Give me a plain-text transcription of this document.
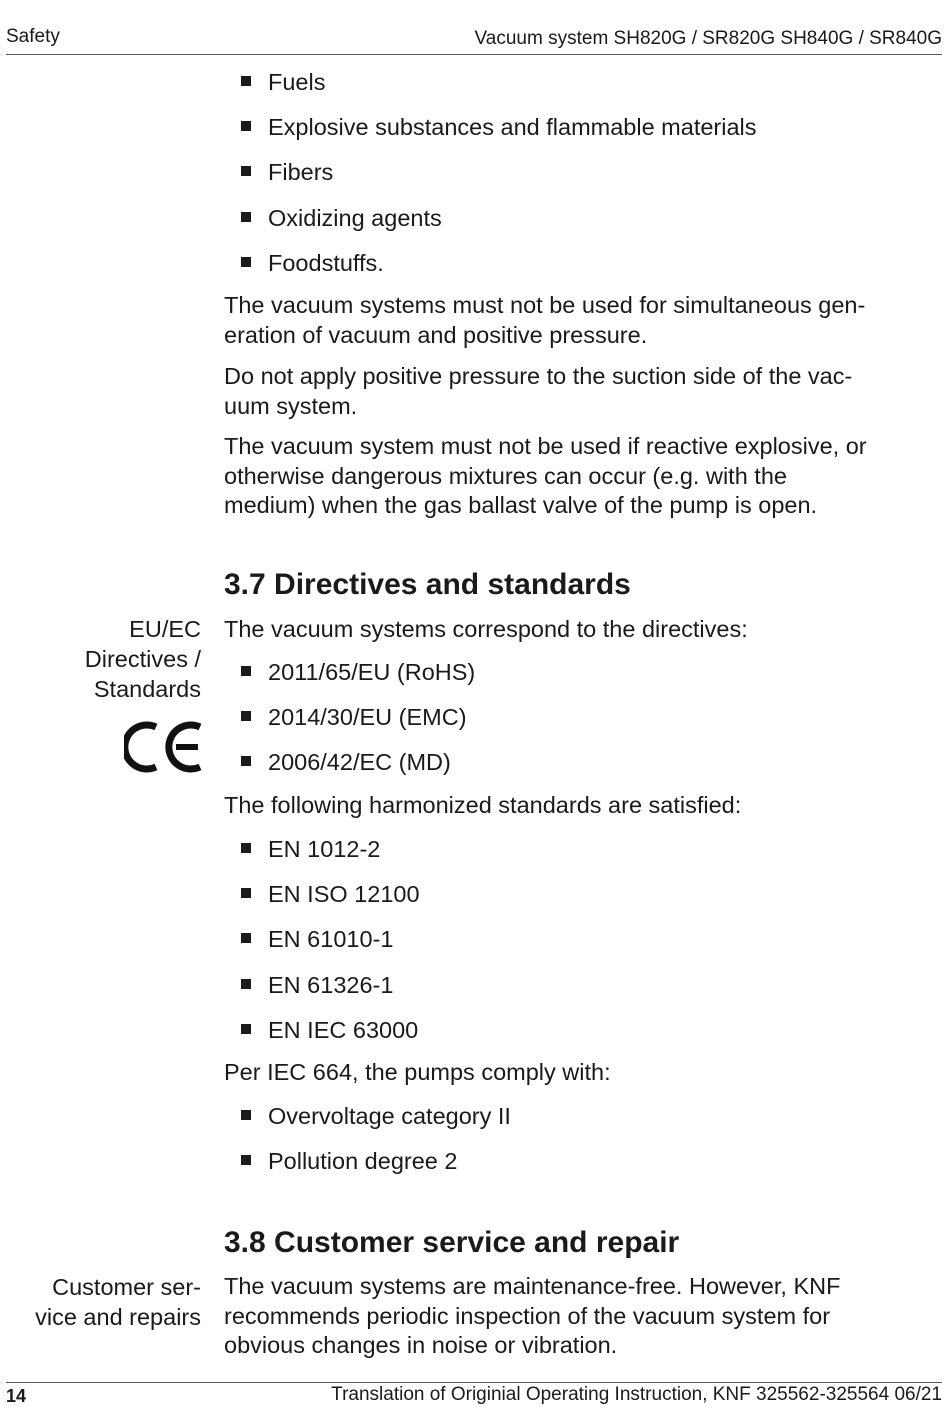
Safety	Vacuum system SH820G / SR820G SH840G / SR840G
Fuels
Explosive substances and flammable materials
Fibers
Oxidizing agents
Foodstuffs.
The vacuum systems must not be used for simultaneous gen-
eration of vacuum and positive pressure.
Do not apply positive pressure to the suction side of the vac-
uum system.
The vacuum system must not be used if reactive explosive, or
otherwise dangerous mixtures can occur (e.g. with the
medium) when the gas ballast valve of the pump is open.
3.7 Directives and standards
EU/EC
Directives /
Standards
The vacuum systems correspond to the directives:
2011/65/EU (RoHS)
2014/30/EU (EMC)
2006/42/EC (MD)
The following harmonized standards are satisfied:
EN 1012-2
EN ISO 12100
EN 61010-1
EN 61326-1
EN IEC 63000
Per IEC 664, the pumps comply with:
Overvoltage category II
Pollution degree 2
3.8 Customer service and repair
Customer ser-
vice and repairs
The vacuum systems are maintenance-free. However, KNF
recommends periodic inspection of the vacuum system for
obvious changes in noise or vibration.
14	Translation of Originial Operating Instruction, KNF 325562-325564 06/21
